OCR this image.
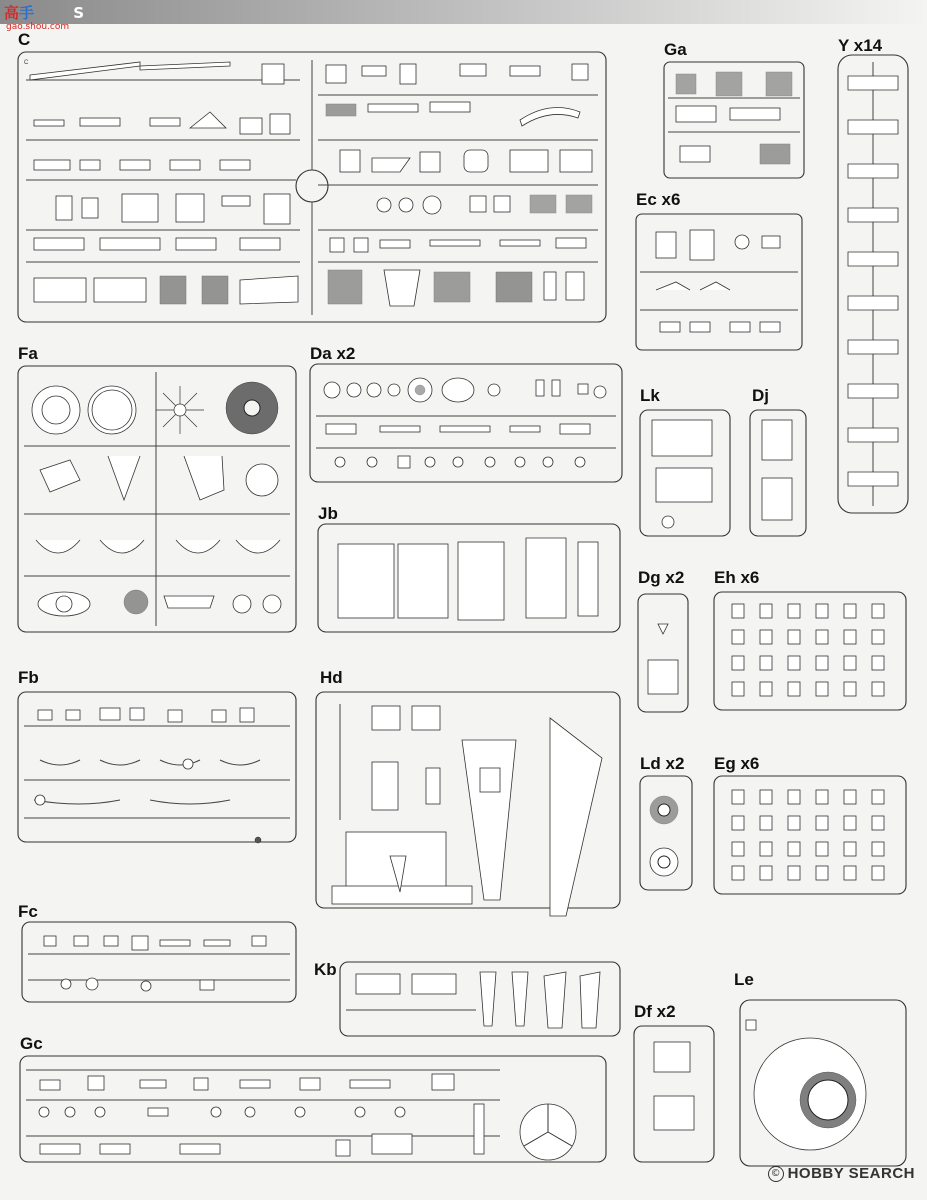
高手	S
gao.shou.com
C
C
Ga	Y x14
Ec x6
Fa	Da x2
Lk	Dj
Jb
Dg x2 Eh x6
Fb	Hd
Ld x2 Eg x6
Fc
Kb
Le
Gc
Df x2
© HOBBY SEARCH
